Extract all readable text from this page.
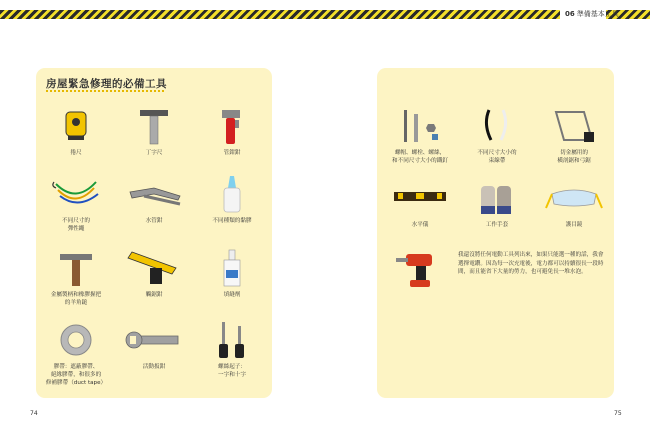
06 準備基本工具
房屋緊急修理的必備工具
捲尺	丁字尺	管鉗鉗
不同尺寸的
彈性繩
水管鉗	不同種類的黏膠
金屬製柄和橡膠握把
的羊角鎚
觸鋸鉗	填縫劑
膠帶：遮蔽膠帶、
絕緣膠帶，和很多的
修補膠帶（duct tape）
活動扳鉗	螺絲起子：
一字和十字
螺帽、螺栓、螺絲，
和不同尺寸大小的鐵釘
不同尺寸大小的
束線帶
切金屬用的
橫剖鋸和弓鋸
水平儀	工作手套	護目鏡
我還沒將任何電動工具列出來，如果只能選一種的話，我會選擇電鑽。因為每一次充電後，電力都可以持續很長一段時間，而且能省下大量的勞力，也可避免長一堆水泡。
74	75
